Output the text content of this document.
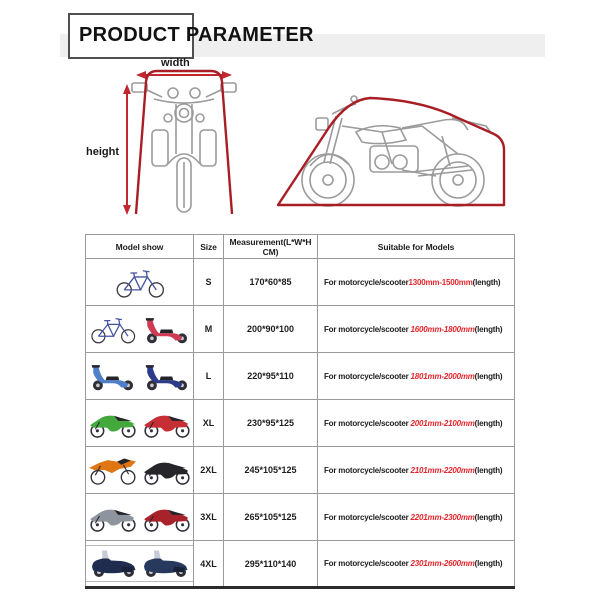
PRODUCT PARAMETER
width
height
Model show	Size	Measurement(L*W*H CM)	Suitable for Models

	S	170*60*85	For motorcycle/scooter1300mm-1500mm(length)

	M	200*90*100	For motorcycle/scooter 1600mm-1800mm(length)

	L	220*95*110	For motorcycle/scooter 1801mm-2000mm(length)

	XL	230*95*125	For motorcycle/scooter 2001mm-2100mm(length)

	2XL	245*105*125	For motorcycle/scooter 2101mm-2200mm(length)

	3XL	265*105*125	For motorcycle/scooter 2201mm-2300mm(length)

	4XL	295*110*140	For motorcycle/scooter 2301mm-2600mm(length)
